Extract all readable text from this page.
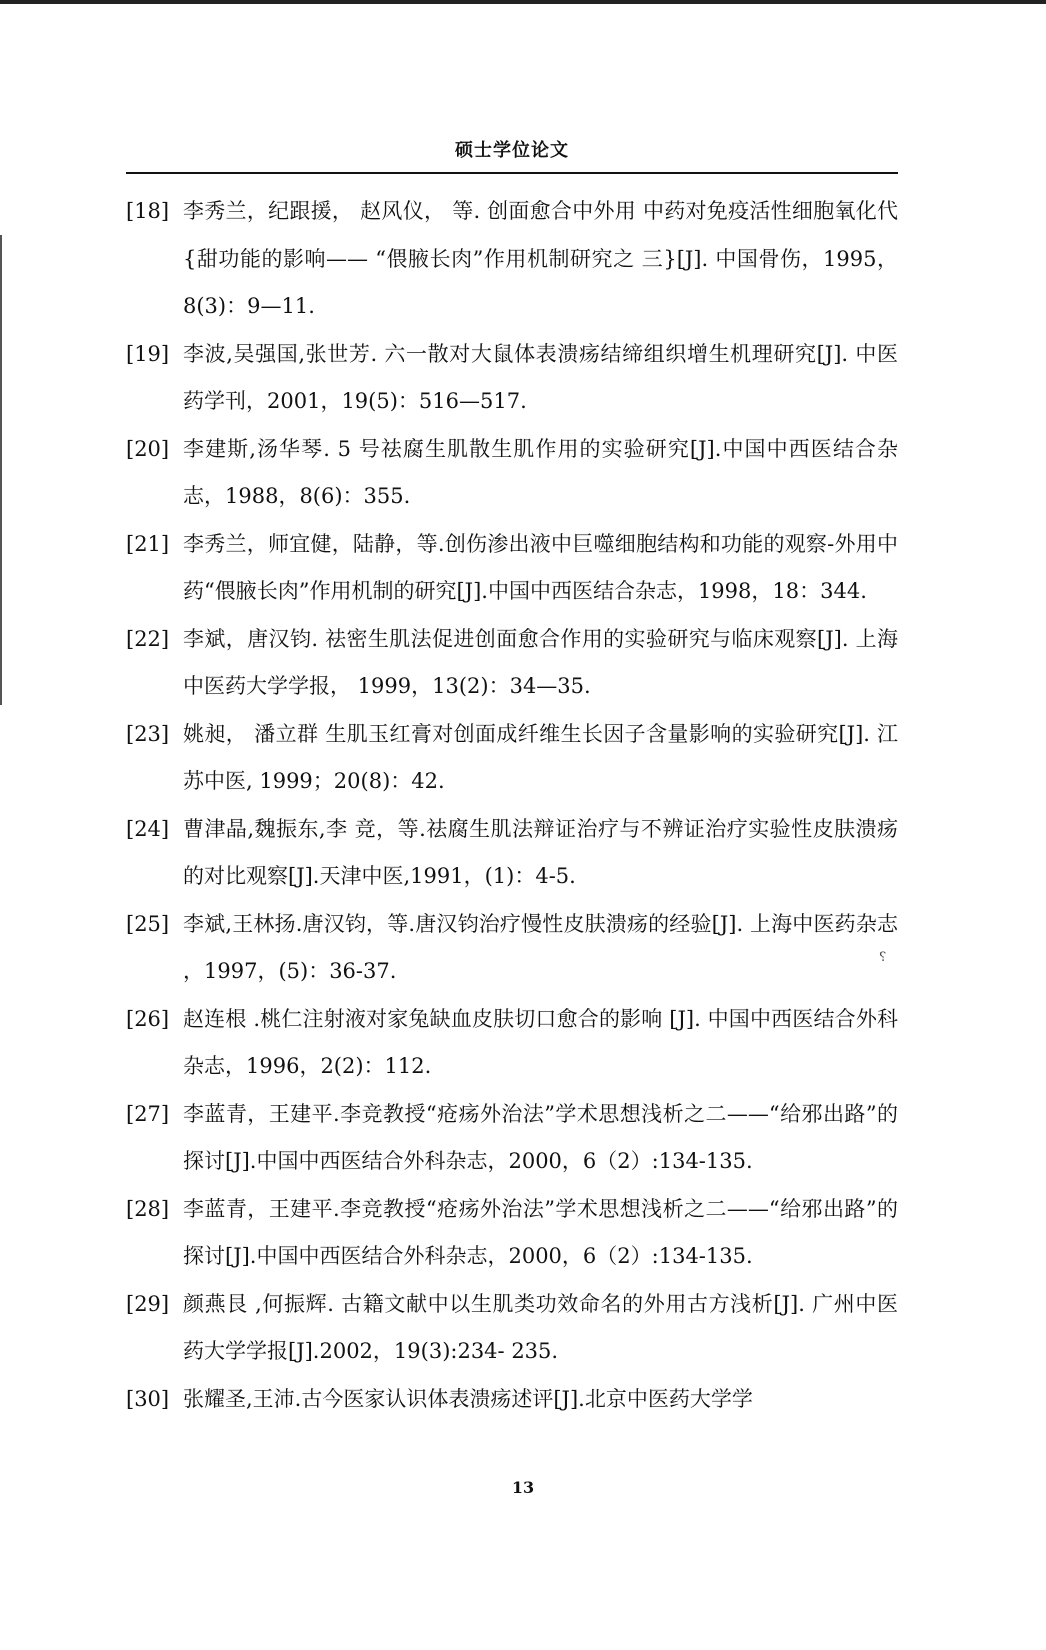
硕士学位论文
[18] 李秀兰，纪跟援， 赵风仪， 等. 创面愈合中外用 中药对免疫活性细胞氧化代{甜功能的影响—— “偎腋长肉”作用机制研究之 三}[J]. 中国骨伤，1995，8(3)：9—11.
[19] 李波,吴强国,张世芳. 六一散对大鼠体表溃疡结缔组织增生机理研究[J]. 中医药学刊，2001，19(5)：516—517.
[20] 李建斯,汤华琴. 5 号祛腐生肌散生肌作用的实验研究[J].中国中西医结合杂志，1988，8(6)：355.
[21] 李秀兰，师宜健，陆静，等.创伤渗出液中巨噬细胞结构和功能的观察-外用中药“偎腋长肉”作用机制的研究[J].中国中西医结合杂志，1998，18：344.
[22] 李斌，唐汉钧. 祛密生肌法促进创面愈合作用的实验研究与临床观察[J]. 上海中医药大学学报， 1999，13(2)：34—35.
[23] 姚昶， 潘立群 生肌玉红膏对创面成纤维生长因子含量影响的实验研究[J]. 江苏中医, 1999；20(8)：42.
[24] 曹津晶,魏振东,李 竞，等.祛腐生肌法辩证治疗与不辨证治疗实验性皮肤溃疡的对比观察[J].天津中医,1991，(1)：4-5.
[25] 李斌,王林扬.唐汉钧，等.唐汉钧治疗慢性皮肤溃疡的经验[J]. 上海中医药杂志 ，1997，(5)：36-37.
[26] 赵连根 .桃仁注射液对家兔缺血皮肤切口愈合的影响 [J]. 中国中西医结合外科杂志，1996，2(2)：112.
[27] 李蓝青，王建平.李竞教授“疮疡外治法”学术思想浅析之二——“给邪出路”的探讨[J].中国中西医结合外科杂志，2000，6（2）:134-135.
[28] 李蓝青，王建平.李竞教授“疮疡外治法”学术思想浅析之二——“给邪出路”的探讨[J].中国中西医结合外科杂志，2000，6（2）:134-135.
[29] 颜燕艮 ,何振辉. 古籍文献中以生肌类功效命名的外用古方浅析[J]. 广州中医药大学学报[J].2002，19(3):234- 235.
[30] 张耀圣,王沛.古今医家认识体表溃疡述评[J].北京中医药大学学
⸮
13
